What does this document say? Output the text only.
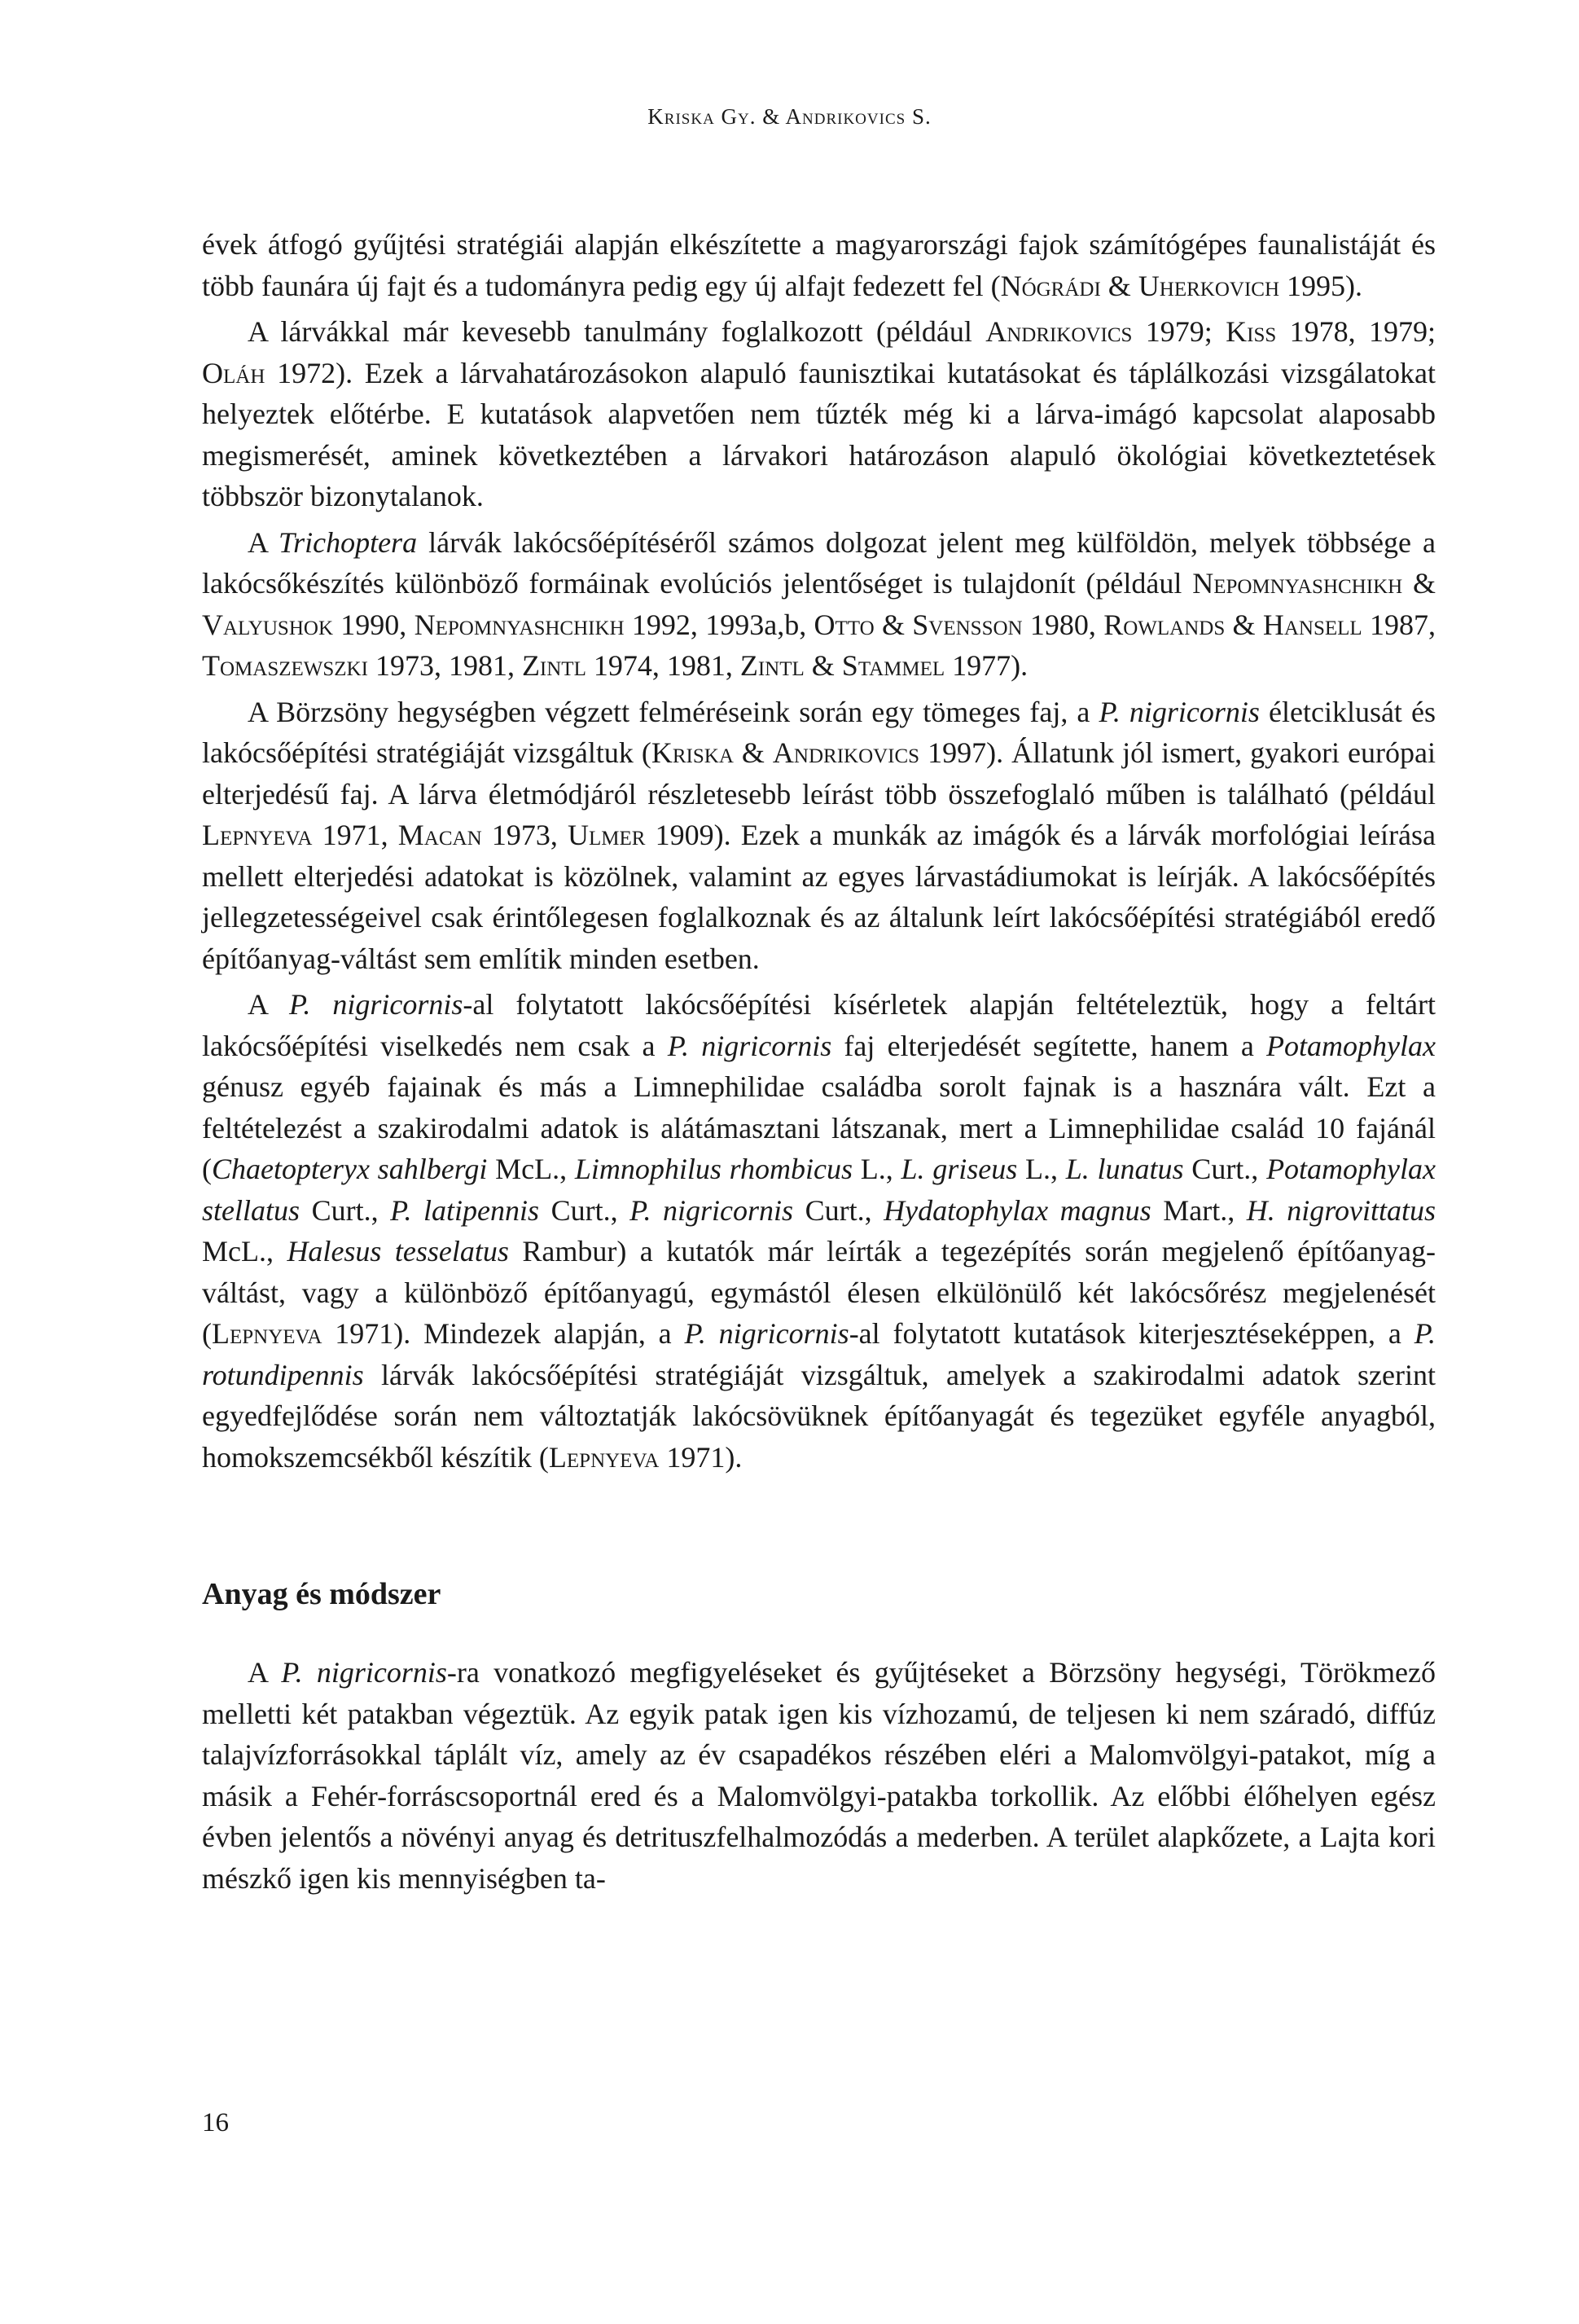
Kriska Gy. & Andrikovics S.

évek átfogó gyűjtési stratégiái alapján elkészítette a magyarországi fajok számítógépes faunalistáját és több faunára új fajt és a tudományra pedig egy új alfajt fedezett fel (Nógrádi & Uherkovich 1995).

A lárvákkal már kevesebb tanulmány foglalkozott (például Andrikovics 1979; Kiss 1978, 1979; Oláh 1972). Ezek a lárvahatározásokon alapuló faunisztikai kutatásokat és táplálkozási vizsgálatokat helyeztek előtérbe. E kutatások alapvetően nem tűzték még ki a lárva-imágó kapcsolat alaposabb megismerését, aminek következtében a lárvakori határozáson alapuló ökológiai következtetések többször bizonytalanok.

A Trichoptera lárvák lakócsőépítéséről számos dolgozat jelent meg külföldön, melyek többsége a lakócsőkészítés különböző formáinak evolúciós jelentőséget is tulajdonít (például Nepomnyashchikh & Valyushok 1990, Nepomnyashchikh 1992, 1993a,b, Otto & Svensson 1980, Rowlands & Hansell 1987, Tomaszewszki 1973, 1981, Zintl 1974, 1981, Zintl & Stammel 1977).

A Börzsöny hegységben végzett felméréseink során egy tömeges faj, a P. nigricornis életciklusát és lakócsőépítési stratégiáját vizsgáltuk (Kriska & Andrikovics 1997). Állatunk jól ismert, gyakori európai elterjedésű faj. A lárva életmódjáról részletesebb leírást több összefoglaló műben is található (például Lepnyeva 1971, Macan 1973, Ulmer 1909). Ezek a munkák az imágók és a lárvák morfológiai leírása mellett elterjedési adatokat is közölnek, valamint az egyes lárvastádiumokat is leírják. A lakócsőépítés jellegzetességeivel csak érintőlegesen foglalkoznak és az általunk leírt lakócsőépítési stratégiából eredő építőanyag-váltást sem említik minden esetben.

A P. nigricornis-al folytatott lakócsőépítési kísérletek alapján feltételeztük, hogy a feltárt lakócsőépítési viselkedés nem csak a P. nigricornis faj elterjedését segítette, hanem a Potamophylax génusz egyéb fajainak és más a Limnephilidae családba sorolt fajnak is a hasznára vált. Ezt a feltételezést a szakirodalmi adatok is alátámasztani látszanak, mert a Limnephilidae család 10 fajánál (Chaetopteryx sahlbergi McL., Limnophilus rhombicus L., L. griseus L., L. lunatus Curt., Potamophylax stellatus Curt., P. latipennis Curt., P. nigricornis Curt., Hydatophylax magnus Mart., H. nigrovittatus McL., Halesus tesselatus Rambur) a kutatók már leírták a tegezépítés során megjelenő építőanyag-váltást, vagy a különböző építőanyagú, egymástól élesen elkülönülő két lakócsőrész megjelenését (Lepnyeva 1971). Mindezek alapján, a P. nigricornis-al folytatott kutatások kiterjesztéseképpen, a P. rotundipennis lárvák lakócsőépítési stratégiáját vizsgáltuk, amelyek a szakirodalmi adatok szerint egyedfejlődése során nem változtatják lakócsövüknek építőanyagát és tegezüket egyféle anyagból, homokszemcsékből készítik (Lepnyeva 1971).

Anyag és módszer

A P. nigricornis-ra vonatkozó megfigyeléseket és gyűjtéseket a Börzsöny hegységi, Törökmező melletti két patakban végeztük. Az egyik patak igen kis vízhozamú, de teljesen ki nem száradó, diffúz talajvízforrásokkal táplált víz, amely az év csapadékos részében eléri a Malomvölgyi-patakot, míg a másik a Fehér-forráscsoportnál ered és a Malomvölgyi-patakba torkollik. Az előbbi élőhelyen egész évben jelentős a növényi anyag és detrituszfelhalmozódás a mederben. A terület alapkőzete, a Lajta kori mészkő igen kis mennyiségben ta-

16
